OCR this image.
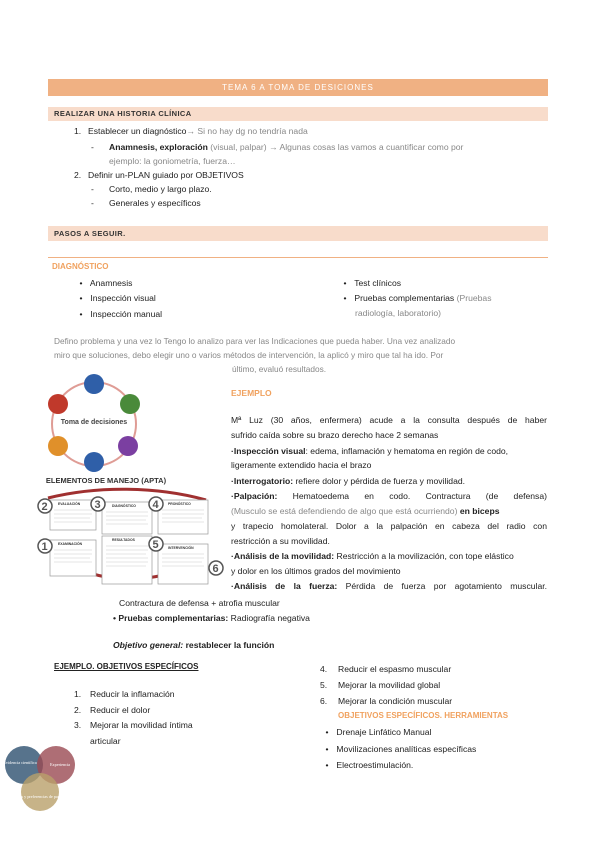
TEMA 6 A TOMA DE DESICIONES
REALIZAR UNA HISTORIA CLÍNICA
1. Establecer un diagnóstico→ Si no hay dg no tendría nada
- Anamnesis, exploración (visual, palpar) → Algunas cosas las vamos a cuantificar como por
ejemplo: la goniometría, fuerza…
2. Definir un-PLAN guiado por OBJETIVOS
- Corto, medio y largo plazo.
- Generales y específicos
PASOS A SEGUIR.
DIAGNÓSTICO
• Anamnesis
• Inspección visual
• Inspección manual
• Test clínicos
• Pruebas complementarias (Pruebas
radiología, laboratorio)
Defino problema y una vez lo Tengo lo analizo para ver las Indicaciones que pueda haber. Una vez analizado
miro que soluciones, debo elegir uno o varios métodos de intervención, la aplicó y miro que tal ha ido. Por
último, evaluó resultados.
Toma de decisiones
ELEMENTOS DE MANEJO (APTA)
EVALUACIÓN	DIAGNÓSTICO	PRONÓSTICO
EXAMINACIÓN
RESULTADOS
INTERVENCIÓN
2	3	4
1	5
6
EJEMPLO
Mª Luz (30 años, enfermera) acude a la consulta después de haber
sufrido caída sobre su brazo derecho hace 2 semanas
·Inspección visual: edema, inflamación y hematoma en región de codo,
ligeramente extendido hacia el brazo
·Interrogatorio: refiere dolor y pérdida de fuerza y movilidad.
·Palpación: Hematoedema en codo. Contractura (de defensa)
(Musculo se está defendiendo de algo que está ocurriendo) en biceps
y trapecio homolateral. Dolor a la palpación en cabeza del radio con
restricción a su movilidad.
·Análisis de la movilidad: Restricción a la movilización, con tope elástico
y dolor en los últimos grados del movimiento
·Análisis de la fuerza: Pérdida de fuerza por agotamiento muscular.
Contractura de defensa + atrofia muscular
• Pruebas complementarias: Radiografía negativa
Objetivo general: restablecer la función
EJEMPLO. OBJETIVOS ESPECÍFICOS
1. Reducir la inflamación
2. Reducir el dolor
3. Mejorar la movilidad íntima
articular
4. Reducir el espasmo muscular
5. Mejorar la movilidad global
6. Mejorar la condición muscular
OBJETIVOS ESPECÍFICOS. HERRAMIENTAS
• Drenaje Linfático Manual
• Movilizaciones analíticas específicas
• Electroestimulación.
Evidencia científica	Experiencia
Valores y preferencias de pacientes
